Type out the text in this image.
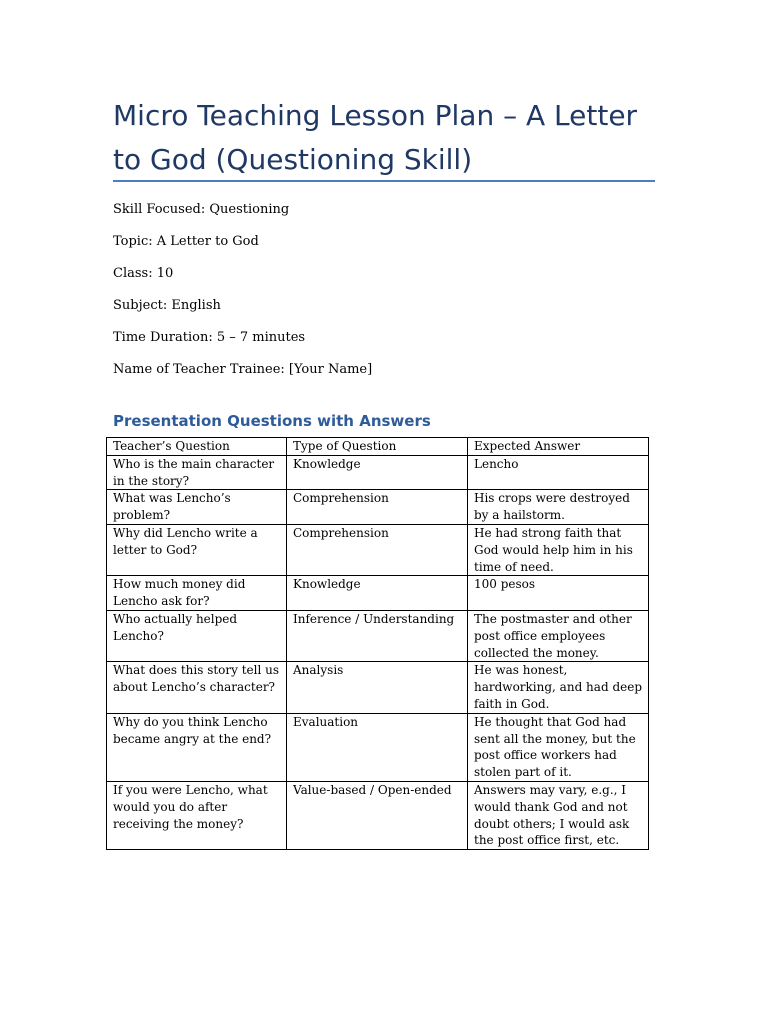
Micro Teaching Lesson Plan – A Letter to God (Questioning Skill)
Skill Focused: Questioning
Topic: A Letter to God
Class: 10
Subject: English
Time Duration: 5 – 7 minutes
Name of Teacher Trainee: [Your Name]
Presentation Questions with Answers
Teacher’s Question	Type of Question	Expected Answer
Who is the main character in the story?	Knowledge	Lencho
What was Lencho’s problem?	Comprehension	His crops were destroyed by a hailstorm.
Why did Lencho write a letter to God?	Comprehension	He had strong faith that God would help him in his time of need.
How much money did Lencho ask for?	Knowledge	100 pesos
Who actually helped Lencho?	Inference / Understanding	The postmaster and other post office employees collected the money.
What does this story tell us about Lencho’s character?	Analysis	He was honest, hardworking, and had deep faith in God.
Why do you think Lencho became angry at the end?	Evaluation	He thought that God had sent all the money, but the post office workers had stolen part of it.
If you were Lencho, what would you do after receiving the money?	Value-based / Open-ended	Answers may vary, e.g., I would thank God and not doubt others; I would ask the post office first, etc.
